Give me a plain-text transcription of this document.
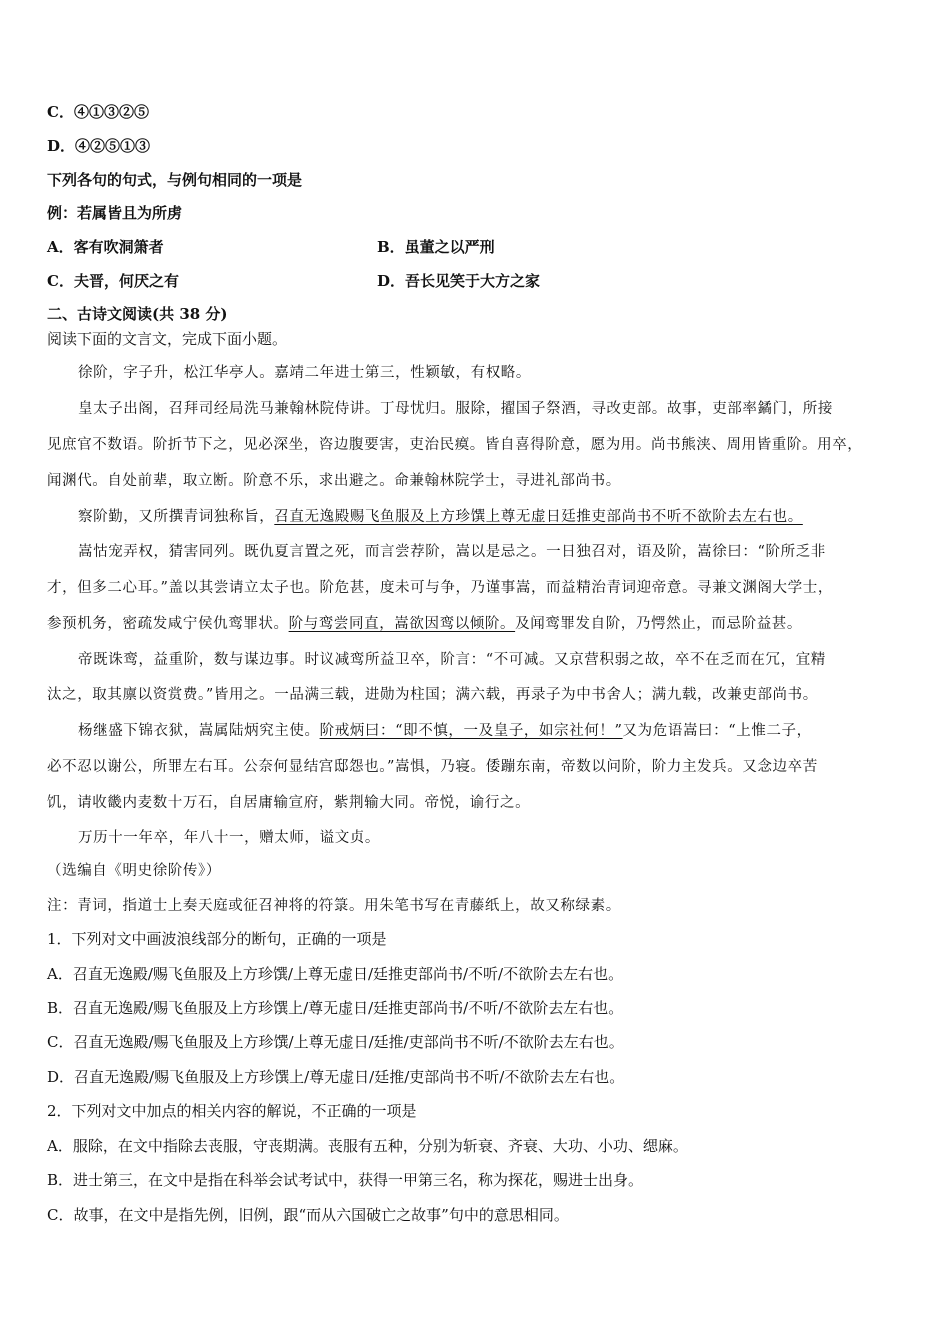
C．④①③②⑤
D．④②⑤①③
下列各句的句式，与例句相同的一项是
例：若属皆且为所虏
A．客有吹洞箫者	B．虽董之以严刑
C．夫晋，何厌之有	D．吾长见笑于大方之家
二、古诗文阅读(共 38 分)
阅读下面的文言文，完成下面小题。
徐阶，字子升，松江华亭人。嘉靖二年进士第三，性颖敏，有权略。
皇太子出阁，召拜司经局洗马兼翰林院侍讲。丁母忧归。服除，擢国子祭酒，寻改吏部。故事，吏部率鐍门，所接
见庶官不数语。阶折节下之，见必深坐，咨边腹要害，吏治民瘼。皆自喜得阶意，愿为用。尚书熊浃、周用皆重阶。用卒，
闻渊代。自处前辈，取立断。阶意不乐，求出避之。命兼翰林院学士，寻进礼部尚书。
察阶勤，又所撰青词独称旨，召直无逸殿赐飞鱼服及上方珍馔上尊无虚日廷推吏部尚书不听不欲阶去左右也。
嵩怙宠弄权，猜害同列。既仇夏言置之死，而言尝荐阶，嵩以是忌之。一日独召对，语及阶，嵩徐曰：“阶所乏非
才，但多二心耳。”盖以其尝请立太子也。阶危甚，度未可与争，乃谨事嵩，而益精治青词迎帝意。寻兼文渊阁大学士，
参预机务，密疏发咸宁侯仇鸾罪状。阶与鸾尝同直，嵩欲因鸾以倾阶。及闻鸾罪发自阶，乃愕然止，而忌阶益甚。
帝既诛鸾，益重阶，数与谋边事。时议减鸾所益卫卒，阶言：“不可减。又京营积弱之故，卒不在乏而在冗，宜精
汰之，取其廪以资赏费。”皆用之。一品满三载，进勋为柱国；满六载，再录子为中书舍人；满九载，改兼吏部尚书。
杨继盛下锦衣狱，嵩属陆炳究主使。阶戒炳曰：“即不慎，一及皇子，如宗社何！”又为危语嵩曰：“上惟二子，
必不忍以谢公，所罪左右耳。公奈何显结宫邸怨也。”嵩惧，乃寝。倭蹦东南，帝数以问阶，阶力主发兵。又念边卒苦
饥，请收畿内麦数十万石，自居庸输宣府，紫荆输大同。帝悦，谕行之。
万历十一年卒，年八十一，赠太师，谥文贞。
（选编自《明史徐阶传》）
注：青词，指道士上奏天庭或征召神将的符箓。用朱笔书写在青藤纸上，故又称绿素。
1．下列对文中画波浪线部分的断句，正确的一项是
A．召直无逸殿/赐飞鱼服及上方珍馔/上尊无虚日/廷推吏部尚书/不听/不欲阶去左右也。
B．召直无逸殿/赐飞鱼服及上方珍馔上/尊无虚日/廷推吏部尚书/不听/不欲阶去左右也。
C．召直无逸殿/赐飞鱼服及上方珍馔/上尊无虚日/廷推/吏部尚书不听/不欲阶去左右也。
D．召直无逸殿/赐飞鱼服及上方珍馔上/尊无虚日/廷推/吏部尚书不听/不欲阶去左右也。
2．下列对文中加点的相关内容的解说，不正确的一项是
A．服除，在文中指除去丧服，守丧期满。丧服有五种，分别为斩衰、齐衰、大功、小功、缌麻。
B．进士第三，在文中是指在科举会试考试中，获得一甲第三名，称为探花，赐进士出身。
C．故事，在文中是指先例，旧例，跟“而从六国破亡之故事”句中的意思相同。
